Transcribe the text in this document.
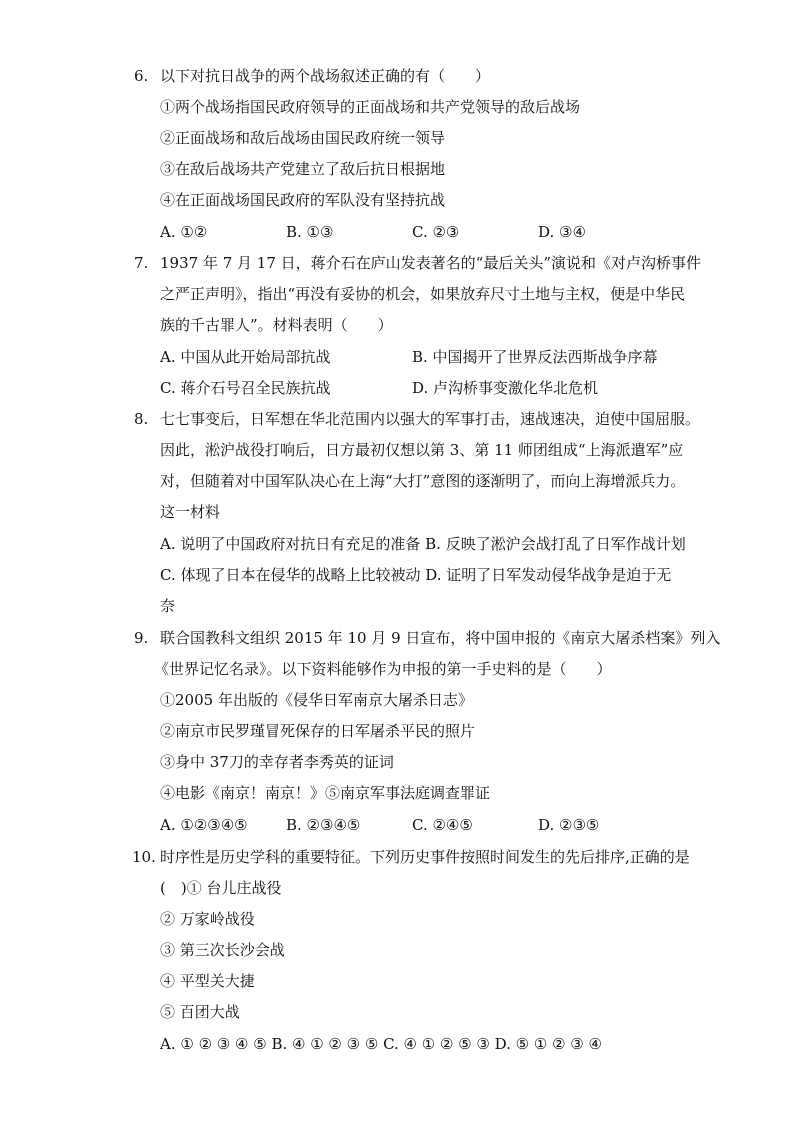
6. 以下对抗日战争的两个战场叙述正确的有（　　）
①两个战场指国民政府领导的正面战场和共产党领导的敌后战场
②正面战场和敌后战场由国民政府统一领导
③在敌后战场共产党建立了敌后抗日根据地
④在正面战场国民政府的军队没有坚持抗战
A. ①②	B. ①③	C. ②③	D. ③④
7. 1937 年 7 月 17 日，蒋介石在庐山发表著名的“最后关头”演说和《对卢沟桥事件
之严正声明》，指出“再没有妥协的机会，如果放弃尺寸土地与主权，便是中华民
族的千古罪人”。材料表明（　　）
A. 中国从此开始局部抗战	B. 中国揭开了世界反法西斯战争序幕
C. 蒋介石号召全民族抗战	D. 卢沟桥事变激化华北危机
8. 七七事变后，日军想在华北范围内以强大的军事打击，速战速决，迫使中国屈服。
因此，淞沪战役打响后，日方最初仅想以第 3、第 11 师团组成“上海派遣军”应
对，但随着对中国军队决心在上海“大打”意图的逐渐明了，而向上海增派兵力。
这一材料
A. 说明了中国政府对抗日有充足的准备 B. 反映了淞沪会战打乱了日军作战计划
C. 体现了日本在侵华的战略上比较被动 D. 证明了日军发动侵华战争是迫于无
奈
9. 联合国教科文组织 2015 年 10 月 9 日宣布，将中国申报的《南京大屠杀档案》列入
《世界记忆名录》。以下资料能够作为申报的第一手史料的是（　　）
①2005 年出版的《侵华日军南京大屠杀日志》
②南京市民罗瑾冒死保存的日军屠杀平民的照片
③身中 37刀的幸存者李秀英的证词
④电影《南京！南京！》⑤南京军事法庭调查罪证
A. ①②③④⑤	B. ②③④⑤	C. ②④⑤	D. ②③⑤
10. 时序性是历史学科的重要特征。下列历史事件按照时间发生的先后排序,正确的是
(　)① 台儿庄战役
② 万家岭战役
③ 第三次长沙会战
④ 平型关大捷
⑤ 百团大战
A. ① ② ③ ④ ⑤ B. ④ ① ② ③ ⑤ C. ④ ① ② ⑤ ③ D. ⑤ ① ② ③ ④
